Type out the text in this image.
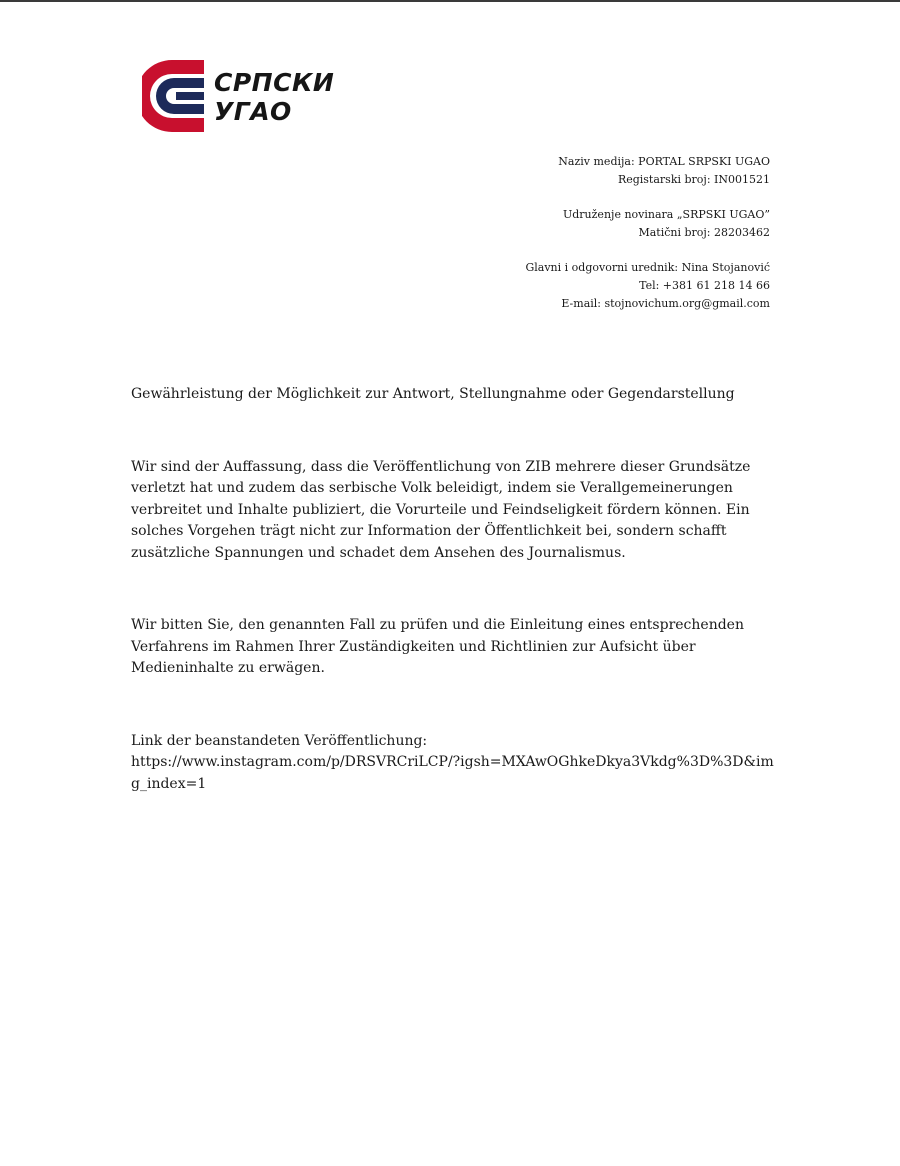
СРПСКИ
УГАО
Naziv medija: PORTAL SRPSKI UGAO
Registarski broj: IN001521
Udruženje novinara „SRPSKI UGAO”
Matični broj: 28203462
Glavni i odgovorni urednik: Nina Stojanović
Tel: +381 61 218 14 66
E-mail: stojnovichum.org@gmail.com

Gewährleistung der Möglichkeit zur Antwort, Stellungnahme oder Gegendarstellung

Wir sind der Auffassung, dass die Veröffentlichung von ZIB mehrere dieser Grundsätze verletzt hat und zudem das serbische Volk beleidigt, indem sie Verallgemeinerungen verbreitet und Inhalte publiziert, die Vorurteile und Feindseligkeit fördern können. Ein solches Vorgehen trägt nicht zur Information der Öffentlichkeit bei, sondern schafft zusätzliche Spannungen und schadet dem Ansehen des Journalismus.

Wir bitten Sie, den genannten Fall zu prüfen und die Einleitung eines entsprechenden Verfahrens im Rahmen Ihrer Zuständigkeiten und Richtlinien zur Aufsicht über Medieninhalte zu erwägen.

Link der beanstandeten Veröffentlichung:

https://www.instagram.com/p/DRSVRCriLCP/?igsh=MXAwOGhkeDkya3Vkdg%3D%3D&img_index=1
